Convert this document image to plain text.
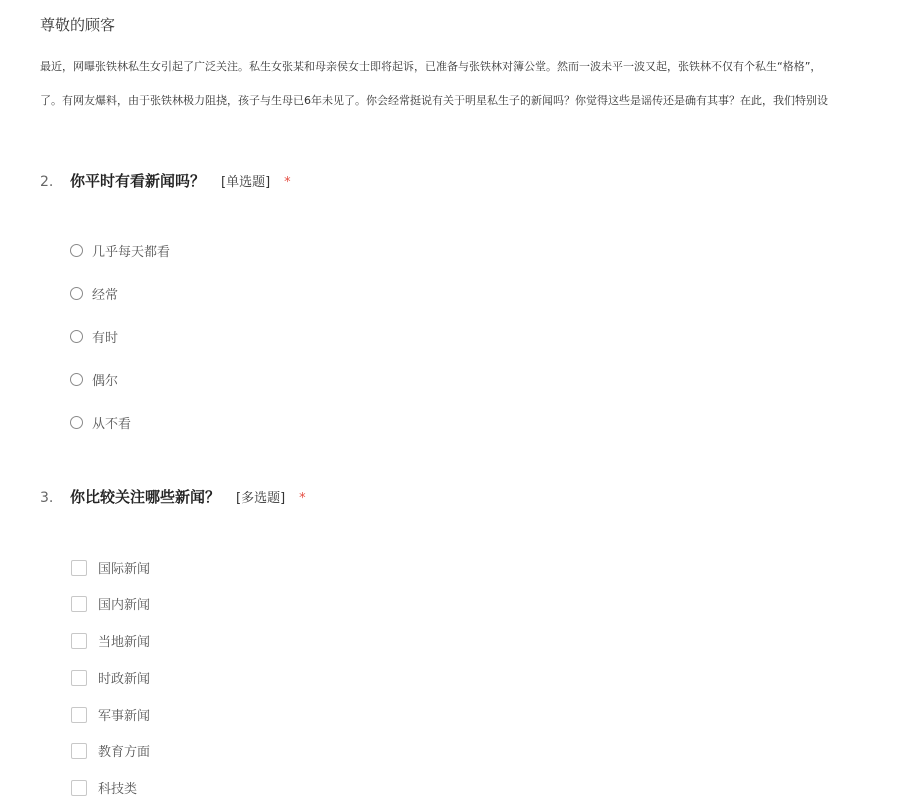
尊敬的顾客
最近，网曝张铁林私生女引起了广泛关注。私生女张某和母亲侯女士即将起诉，已准备与张铁林对簿公堂。然而一波未平一波又起，张铁林不仅有个私生“格格”，
了。有网友爆料，由于张铁林极力阻挠，孩子与生母已6年未见了。你会经常挺说有关于明星私生子的新闻吗？你觉得这些是谣传还是确有其事？在此，我们特别设
2.	你平时有看新闻吗？ [单选题] *
几乎每天都看
经常
有时
偶尔
从不看
3.	你比较关注哪些新闻？ [多选题] *
国际新闻
国内新闻
当地新闻
时政新闻
军事新闻
教育方面
科技类
